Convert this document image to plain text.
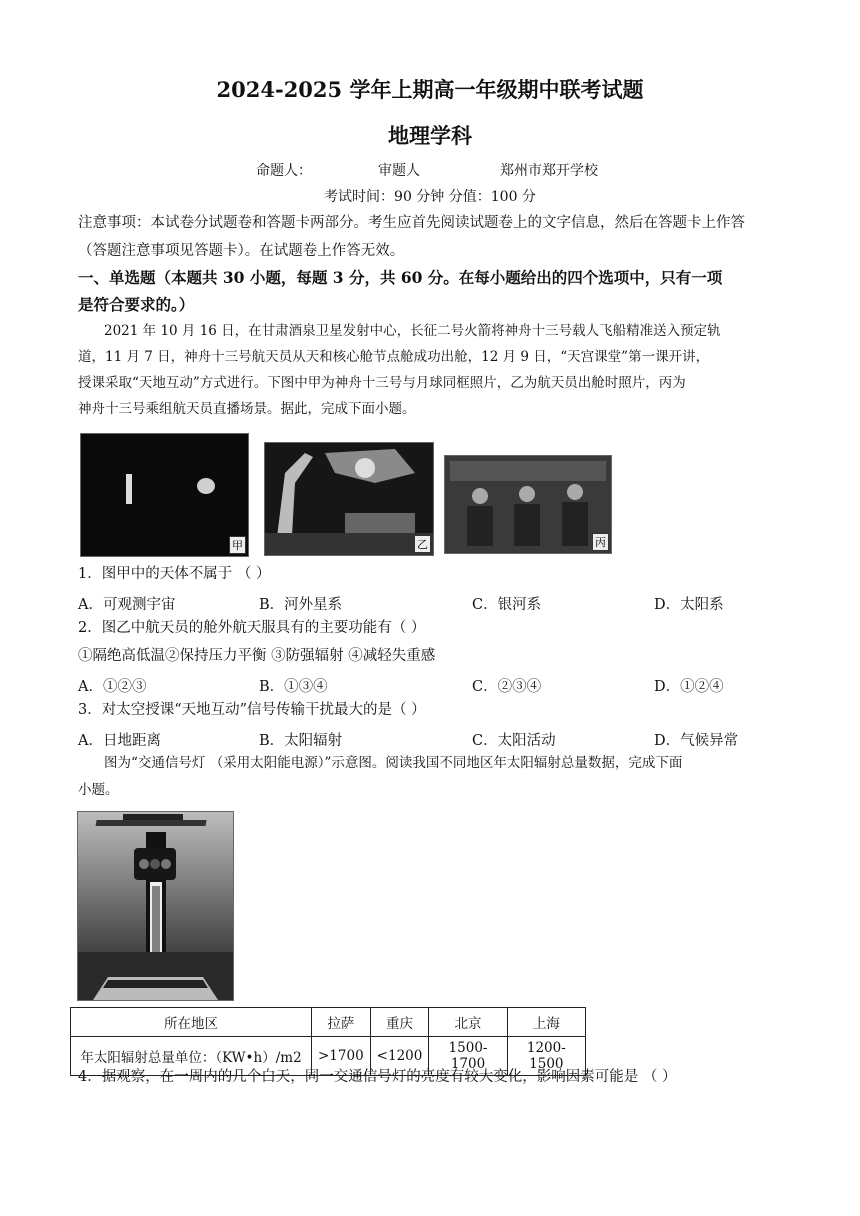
2024-2025 学年上期高一年级期中联考试题
地理学科
命题人：	审题人	郑州市郑开学校
考试时间：90 分钟 分值：100 分
注意事项：本试卷分试题卷和答题卡两部分。考生应首先阅读试题卷上的文字信息，然后在答题卡上作答
（答题注意事项见答题卡）。在试题卷上作答无效。
一、单选题（本题共 30 小题，每题 3 分，共 60 分。在每小题给出的四个选项中，只有一项
是符合要求的。）
2021 年 10 月 16 日，在甘肃酒泉卫星发射中心，长征二号火箭将神舟十三号载人飞船精准送入预定轨
道，11 月 7 日，神舟十三号航天员从天和核心舱节点舱成功出舱，12 月 9 日，“天宫课堂”第一课开讲，
授课采取“天地互动”方式进行。下图中甲为神舟十三号与月球同框照片，乙为航天员出舱时照片，丙为
神舟十三号乘组航天员直播场景。据此，完成下面小题。
甲	乙	丙
1．图甲中的天体不属于 （ ）
A．可观测宇宙	B．河外星系	C．银河系	D．太阳系
2．图乙中航天员的舱外航天服具有的主要功能有（ ）
①隔绝高低温②保持压力平衡 ③防强辐射 ④减轻失重感
A．①②③	B．①③④	C．②③④	D．①②④
3．对太空授课“天地互动”信号传输干扰最大的是（ ）
A．日地距离	B．太阳辐射	C．太阳活动	D．气候异常
图为“交通信号灯 （采用太阳能电源）”示意图。阅读我国不同地区年太阳辐射总量数据，完成下面
小题。
所在地区	拉萨	重庆	北京	上海
年太阳辐射总量单位：（KW•h）/m2	>1700	<1200	1500-1700	1200-1500
4．据观察，在一周内的几个白天，同一交通信号灯的亮度有较大变化，影响因素可能是 （ ）
